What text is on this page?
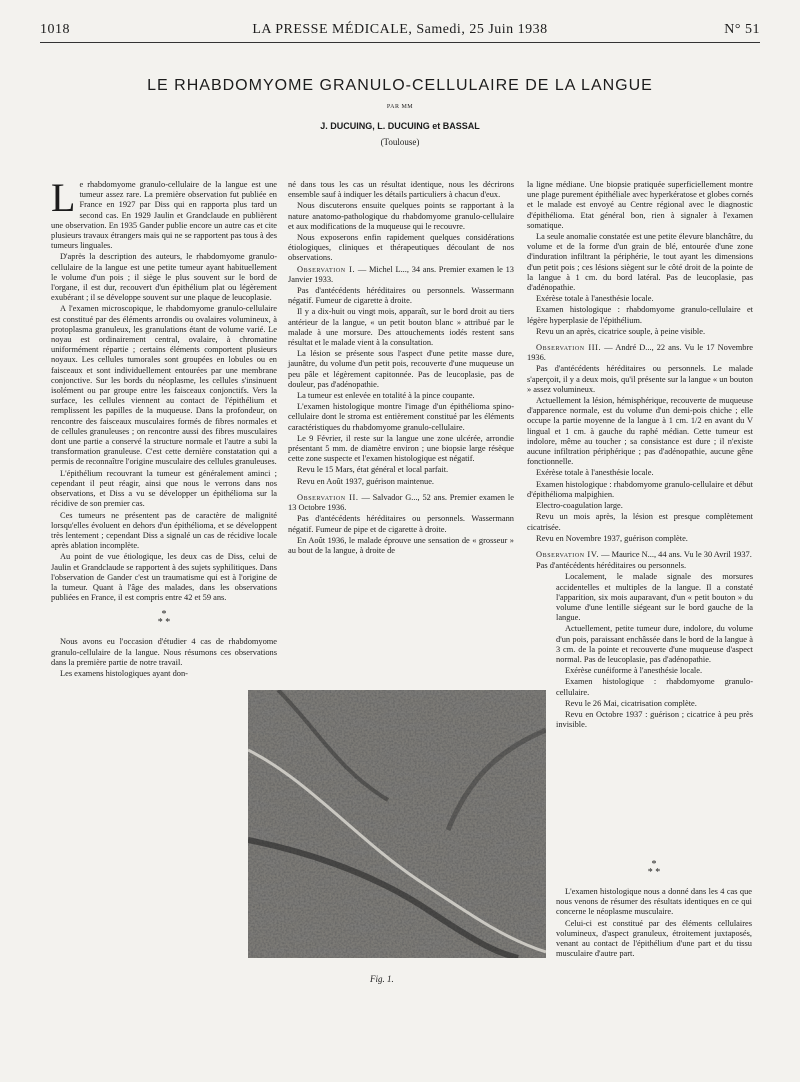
1018	LA PRESSE MÉDICALE, Samedi, 25 Juin 1938	N° 51
LE RHABDOMYOME GRANULO-CELLULAIRE DE LA LANGUE
PAR MM
J. DUCUING, L. DUCUING et BASSAL
(Toulouse)

Le rhabdomyome granulo-cellulaire de la langue est une tumeur assez rare. La première observation fut publiée en France en 1927 par Diss qui en rapporta plus tard un second cas. En 1929 Jaulin et Grandclaude en publièrent une observation. En 1935 Gander publie encore un autre cas et cite plusieurs travaux étrangers mais qui ne se rapportent pas tous à des tumeurs linguales.

D'après la description des auteurs, le rhabdomyome granulo-cellulaire de la langue est une petite tumeur ayant habituellement le volume d'un pois ; il siège le plus souvent sur le bord de l'organe, il est dur, recouvert d'un épithélium plat ou légèrement exubérant ; il se développe souvent sur une plaque de leucoplasie.

A l'examen microscopique, le rhabdomyome granulo-cellulaire est constitué par des éléments arrondis ou ovalaires volumineux, à protoplasma granuleux, les granulations étant de volume varié. Le noyau est ordinairement central, ovalaire, à chromatine uniformément répartie ; certains éléments comportent plusieurs noyaux. Les cellules tumorales sont groupées en lobules ou en faisceaux et sont individuellement entourées par une membrane conjonctive. Sur les bords du néoplasme, les cellules s'insinuent isolément ou par groupe entre les faisceaux conjonctifs. Vers la surface, les cellules viennent au contact de l'épithélium et remplissent les papilles de la muqueuse. Dans la profondeur, on rencontre des faisceaux musculaires formés de fibres normales et de cellules granuleuses ; on rencontre aussi des fibres musculaires dont une partie a conservé la structure normale et l'autre a subi la transformation granuleuse. C'est cette dernière constatation qui a permis de reconnaître l'origine musculaire des cellules granuleuses.

L'épithélium recouvrant la tumeur est généralement aminci ; cependant il peut réagir, ainsi que nous le verrons dans nos observations, et Diss a vu se développer un épithélioma sur la récidive de son premier cas.

Ces tumeurs ne présentent pas de caractère de malignité lorsqu'elles évoluent en dehors d'un épithélioma, et se développent très lentement ; cependant Diss a signalé un cas de récidive locale après ablation incomplète.

Au point de vue étiologique, les deux cas de Diss, celui de Jaulin et Grandclaude se rapportent à des sujets syphilitiques. Dans l'observation de Gander c'est un traumatisme qui est à l'origine de la tumeur. Quant à l'âge des malades, dans les observations publiées en France, il est compris entre 42 et 59 ans.

*
* *

Nous avons eu l'occasion d'étudier 4 cas de rhabdomyome granulo-cellulaire de la langue. Nous résumons ces observations dans la première partie de notre travail.

Les examens histologiques ayant don-

né dans tous les cas un résultat identique, nous les décrirons ensemble sauf à indiquer les détails particuliers à chacun d'eux.

Nous discuterons ensuite quelques points se rapportant à la nature anatomo-pathologique du rhabdomyome granulo-cellulaire et aux modifications de la muqueuse qui le recouvre.

Nous exposerons enfin rapidement quelques considérations étiologiques, cliniques et thérapeutiques découlant de nos observations.

Observation I. — Michel L..., 34 ans. Premier examen le 13 Janvier 1933.

Pas d'antécédents héréditaires ou personnels. Wassermann négatif. Fumeur de cigarette à droite.

Il y a dix-huit ou vingt mois, apparaît, sur le bord droit au tiers antérieur de la langue, « un petit bouton blanc » attribué par le malade à une morsure. Des attouchements iodés restent sans résultat et le malade vient à la consultation.

La lésion se présente sous l'aspect d'une petite masse dure, jaunâtre, du volume d'un petit pois, recouverte d'une muqueuse un peu pâle et légèrement capitonnée. Pas de leucoplasie, pas de douleur, pas d'adénopathie.

La tumeur est enlevée en totalité à la pince coupante.

L'examen histologique montre l'image d'un épithélioma spino-cellulaire dont le stroma est entièrement constitué par les éléments caractéristiques du rhabdomyome granulo-cellulaire.

Le 9 Février, il reste sur la langue une zone ulcérée, arrondie présentant 5 mm. de diamètre environ ; une biopsie large résèque cette zone suspecte et l'examen histologique est négatif.

Revu le 15 Mars, état général et local parfait.

Revu en Août 1937, guérison maintenue.

Observation II. — Salvador G..., 52 ans. Premier examen le 13 Octobre 1936.

Pas d'antécédents héréditaires ou personnels. Wassermann négatif. Fumeur de pipe et de cigarette à droite.

En Août 1936, le malade éprouve une sensation de « grosseur » au bout de la langue, à droite de

la ligne médiane. Une biopsie pratiquée superficiellement montre une plage purement épithéliale avec hyperkératose et globes cornés et le malade est envoyé au Centre régional avec le diagnostic d'épithélioma. Etat général bon, rien à signaler à l'examen somatique.

La seule anomalie constatée est une petite élevure blanchâtre, du volume et de la forme d'un grain de blé, entourée d'une zone d'induration infiltrant la périphérie, le tout ayant les dimensions d'un petit pois ; ces lésions siègent sur le côté droit de la pointe de la langue à 1 cm. du bord latéral. Pas de leucoplasie, pas d'adénopathie.

Exérèse totale à l'anesthésie locale.

Examen histologique : rhabdomyome granulo-cellulaire et légère hyperplasie de l'épithélium.

Revu un an après, cicatrice souple, à peine visible.

Observation III. — André D..., 22 ans. Vu le 17 Novembre 1936.

Pas d'antécédents héréditaires ou personnels. Le malade s'aperçoit, il y a deux mois, qu'il présente sur la langue « un bouton » assez volumineux.

Actuellement la lésion, hémisphérique, recouverte de muqueuse d'apparence normale, est du volume d'un demi-pois chiche ; elle occupe la partie moyenne de la langue à 1 cm. 1/2 en avant du V lingual et 1 cm. à gauche du raphé médian. Cette tumeur est indolore, même au toucher ; sa consistance est dure ; il n'existe aucune infiltration périphérique ; pas d'adénopathie, aucune gêne fonctionnelle.

Exérèse totale à l'anesthésie locale.

Examen histologique : rhabdomyome granulo-cellulaire et début d'épithélioma malpighien.

Electro-coagulation large.

Revu un mois après, la lésion est presque complètement cicatrisée.

Revu en Novembre 1937, guérison complète.

Observation IV. — Maurice N..., 44 ans. Vu le 30 Avril 1937.

Pas d'antécédents héréditaires ou personnels.

Localement, le malade signale des morsures accidentelles et multiples de la langue. Il a constaté l'apparition, six mois auparavant, d'un « petit bouton » du volume d'une lentille siégeant sur le bord gauche de la langue.

Actuellement, petite tumeur dure, indolore, du volume d'un pois, paraissant enchâssée dans le bord de la langue à 3 cm. de la pointe et recouverte d'une muqueuse d'aspect normal. Pas de leucoplasie, pas d'adénopathie.

Exérèse cunéiforme à l'anesthésie locale.

Examen histologique : rhabdomyome granulo-cellulaire.

Revu le 26 Mai, cicatrisation complète.

Revu en Octobre 1937 : guérison ; cicatrice à peu près invisible.

*
* *

L'examen histologique nous a donné dans les 4 cas que nous venons de résumer des résultats identiques en ce qui concerne le néoplasme musculaire.

Celui-ci est constitué par des éléments cellulaires volumineux, d'aspect granuleux, étroitement juxtaposés, venant au contact de l'épithélium d'une part et du tissu musculaire d'autre part.

Fig. 1.
